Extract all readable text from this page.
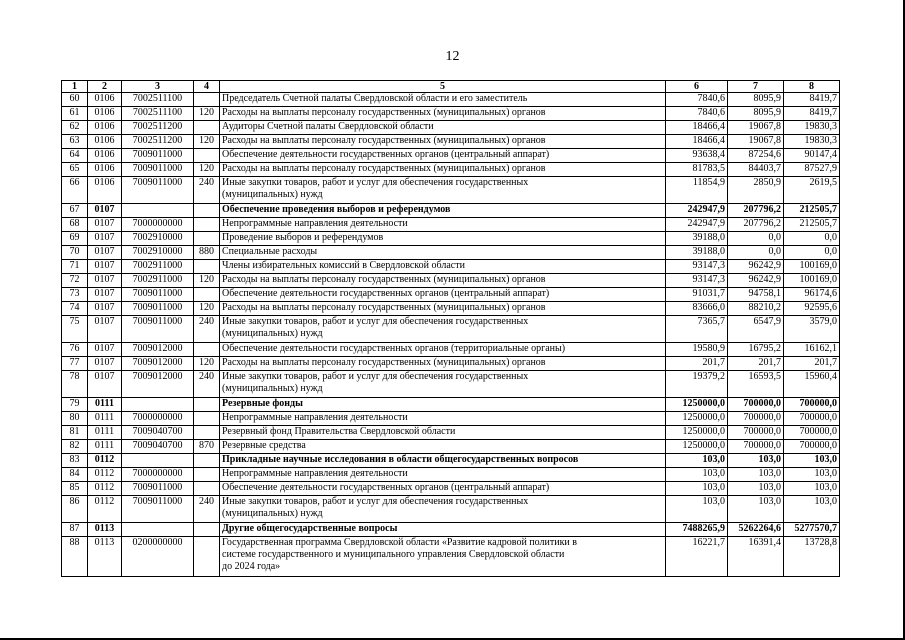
12
1	2	3	4	5	6	7	8
60	0106	7002511100		Председатель Счетной палаты Свердловской области и его заместитель	7840,6	8095,9	8419,7
61	0106	7002511100	120	Расходы на выплаты персоналу государственных (муниципальных) органов	7840,6	8095,9	8419,7
62	0106	7002511200		Аудиторы Счетной палаты Свердловской области	18466,4	19067,8	19830,3
63	0106	7002511200	120	Расходы на выплаты персоналу государственных (муниципальных) органов	18466,4	19067,8	19830,3
64	0106	7009011000		Обеспечение деятельности государственных органов (центральный аппарат)	93638,4	87254,6	90147,4
65	0106	7009011000	120	Расходы на выплаты персоналу государственных (муниципальных) органов	81783,5	84403,7	87527,9
66	0106	7009011000	240	Иные закупки товаров, работ и услуг для обеспечения государственных
(муниципальных) нужд	11854,9	2850,9	2619,5
67	0107			Обеспечение проведения выборов и референдумов	242947,9	207796,2	212505,7
68	0107	7000000000		Непрограммные направления деятельности	242947,9	207796,2	212505,7
69	0107	7002910000		Проведение выборов и референдумов	39188,0	0,0	0,0
70	0107	7002910000	880	Специальные расходы	39188,0	0,0	0,0
71	0107	7002911000		Члены избирательных комиссий в Свердловской области	93147,3	96242,9	100169,0
72	0107	7002911000	120	Расходы на выплаты персоналу государственных (муниципальных) органов	93147,3	96242,9	100169,0
73	0107	7009011000		Обеспечение деятельности государственных органов (центральный аппарат)	91031,7	94758,1	96174,6
74	0107	7009011000	120	Расходы на выплаты персоналу государственных (муниципальных) органов	83666,0	88210,2	92595,6
75	0107	7009011000	240	Иные закупки товаров, работ и услуг для обеспечения государственных
(муниципальных) нужд	7365,7	6547,9	3579,0
76	0107	7009012000		Обеспечение деятельности государственных органов (территориальные органы)	19580,9	16795,2	16162,1
77	0107	7009012000	120	Расходы на выплаты персоналу государственных (муниципальных) органов	201,7	201,7	201,7
78	0107	7009012000	240	Иные закупки товаров, работ и услуг для обеспечения государственных
(муниципальных) нужд	19379,2	16593,5	15960,4
79	0111			Резервные фонды	1250000,0	700000,0	700000,0
80	0111	7000000000		Непрограммные направления деятельности	1250000,0	700000,0	700000,0
81	0111	7009040700		Резервный фонд Правительства Свердловской области	1250000,0	700000,0	700000,0
82	0111	7009040700	870	Резервные средства	1250000,0	700000,0	700000,0
83	0112			Прикладные научные исследования в области общегосударственных вопросов	103,0	103,0	103,0
84	0112	7000000000		Непрограммные направления деятельности	103,0	103,0	103,0
85	0112	7009011000		Обеспечение деятельности государственных органов (центральный аппарат)	103,0	103,0	103,0
86	0112	7009011000	240	Иные закупки товаров, работ и услуг для обеспечения государственных
(муниципальных) нужд	103,0	103,0	103,0
87	0113			Другие общегосударственные вопросы	7488265,9	5262264,6	5277570,7
88	0113	0200000000		Государственная программа Свердловской области «Развитие кадровой политики в
системе государственного и муниципального управления Свердловской области
до 2024 года»	16221,7	16391,4	13728,8
